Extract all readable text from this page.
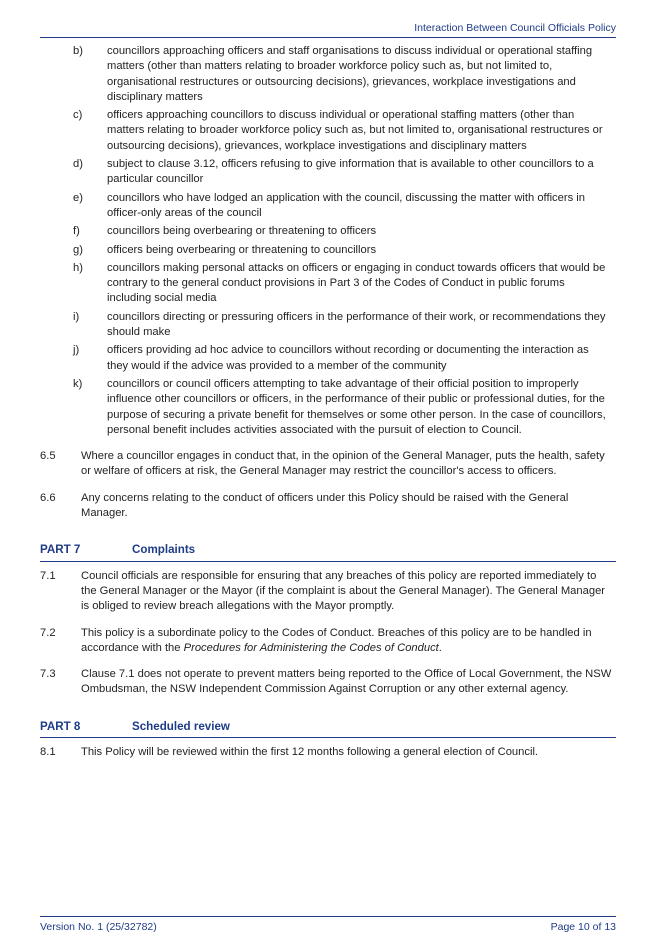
Interaction Between Council Officials Policy
b)	councillors approaching officers and staff organisations to discuss individual or operational staffing matters (other than matters relating to broader workforce policy such as, but not limited to, organisational restructures or outsourcing decisions), grievances, workplace investigations and disciplinary matters
c)	officers approaching councillors to discuss individual or operational staffing matters (other than matters relating to broader workforce policy such as, but not limited to, organisational restructures or outsourcing decisions), grievances, workplace investigations and disciplinary matters
d)	subject to clause 3.12, officers refusing to give information that is available to other councillors to a particular councillor
e)	councillors who have lodged an application with the council, discussing the matter with officers in officer-only areas of the council
f)	councillors being overbearing or threatening to officers
g)	officers being overbearing or threatening to councillors
h)	councillors making personal attacks on officers or engaging in conduct towards officers that would be contrary to the general conduct provisions in Part 3 of the Codes of Conduct in public forums including social media
i)	councillors directing or pressuring officers in the performance of their work, or recommendations they should make
j)	officers providing ad hoc advice to councillors without recording or documenting the interaction as they would if the advice was provided to a member of the community
k)	councillors or council officers attempting to take advantage of their official position to improperly influence other councillors or officers, in the performance of their public or professional duties, for the purpose of securing a private benefit for themselves or some other person. In the case of councillors, personal benefit includes activities associated with the pursuit of election to Council.
6.5	Where a councillor engages in conduct that, in the opinion of the General Manager, puts the health, safety or welfare of officers at risk, the General Manager may restrict the councillor's access to officers.
6.6	Any concerns relating to the conduct of officers under this Policy should be raised with the General Manager.
PART 7	Complaints
7.1	Council officials are responsible for ensuring that any breaches of this policy are reported immediately to the General Manager or the Mayor (if the complaint is about the General Manager). The General Manager is obliged to review breach allegations with the Mayor promptly.
7.2	This policy is a subordinate policy to the Codes of Conduct. Breaches of this policy are to be handled in accordance with the Procedures for Administering the Codes of Conduct.
7.3	Clause 7.1 does not operate to prevent matters being reported to the Office of Local Government, the NSW Ombudsman, the NSW Independent Commission Against Corruption or any other external agency.
PART 8	Scheduled review
8.1	This Policy will be reviewed within the first 12 months following a general election of Council.
Version No. 1 (25/32782)	Page 10 of 13
